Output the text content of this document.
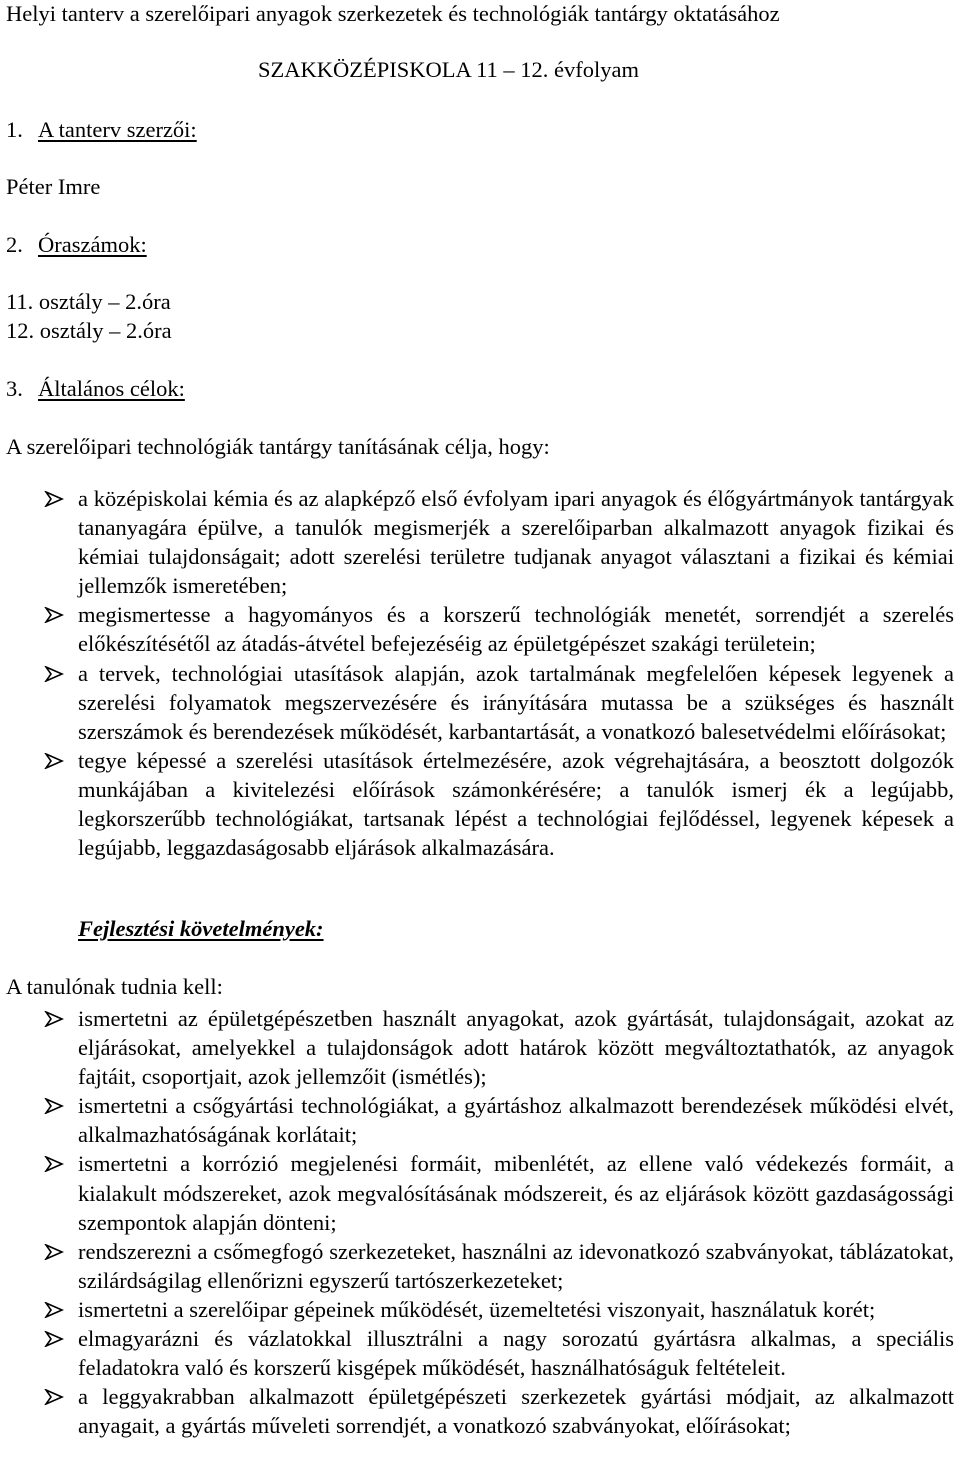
Helyi tanterv a szerelőipari anyagok szerkezetek és technológiák tantárgy oktatásához
SZAKKÖZÉPISKOLA 11 – 12. évfolyam
1. A tanterv szerzői:
Péter Imre
2. Óraszámok:
11. osztály – 2.óra
12. osztály – 2.óra
3. Általános célok:
A szerelőipari technológiák tantárgy tanításának célja, hogy:
a középiskolai kémia és az alapképző első évfolyam ipari anyagok és élőgyártmányok tantárgyak tananyagára épülve, a tanulók megismerjék a szerelőiparban alkalmazott anyagok fizikai és kémiai tulajdonságait; adott szerelési területre tudjanak anyagot választani a fizikai és kémiai jellemzők ismeretében;
megismertesse a hagyományos és a korszerű technológiák menetét, sorrendjét a szerelés előkészítésétől az átadás-átvétel befejezéséig az épületgépészet szakági területein;
a tervek, technológiai utasítások alapján, azok tartalmának megfelelően képesek legyenek a szerelési folyamatok megszervezésére és irányítására mutassa be a szükséges és használt szerszámok és berendezések működését, karbantartását, a vonatkozó balesetvédelmi előírásokat;
tegye képessé a szerelési utasítások értelmezésére, azok végrehajtására, a beosztott dolgozók munkájában a kivitelezési előírások számonkérésére; a tanulók ismerj ék a legújabb, legkorszerűbb technológiákat, tartsanak lépést a technológiai fejlődéssel, legyenek képesek a legújabb, leggazdaságosabb eljárások alkalmazására.
Fejlesztési követelmények:
A tanulónak tudnia kell:
ismertetni az épületgépészetben használt anyagokat, azok gyártását, tulajdonságait, azokat az eljárásokat, amelyekkel a tulajdonságok adott határok között megváltoztathatók, az anyagok fajtáit, csoportjait, azok jellemzőit (ismétlés);
ismertetni a csőgyártási technológiákat, a gyártáshoz alkalmazott berendezések működési elvét, alkalmazhatóságának korlátait;
ismertetni a korrózió megjelenési formáit, mibenlétét, az ellene való védekezés formáit, a kialakult módszereket, azok megvalósításának módszereit, és az eljárások között gazdaságossági szempontok alapján dönteni;
rendszerezni a csőmegfogó szerkezeteket, használni az idevonatkozó szabványokat, táblázatokat, szilárdságilag ellenőrizni egyszerű tartószerkezeteket;
ismertetni a szerelőipar gépeinek működését, üzemeltetési viszonyait, használatuk korét;
elmagyarázni és vázlatokkal illusztrálni a nagy sorozatú gyártásra alkalmas, a speciális feladatokra való és korszerű kisgépek működését, használhatóságuk feltételeit.
a leggyakrabban alkalmazott épületgépészeti szerkezetek gyártási módjait, az alkalmazott anyagait, a gyártás műveleti sorrendjét, a vonatkozó szabványokat, előírásokat;
